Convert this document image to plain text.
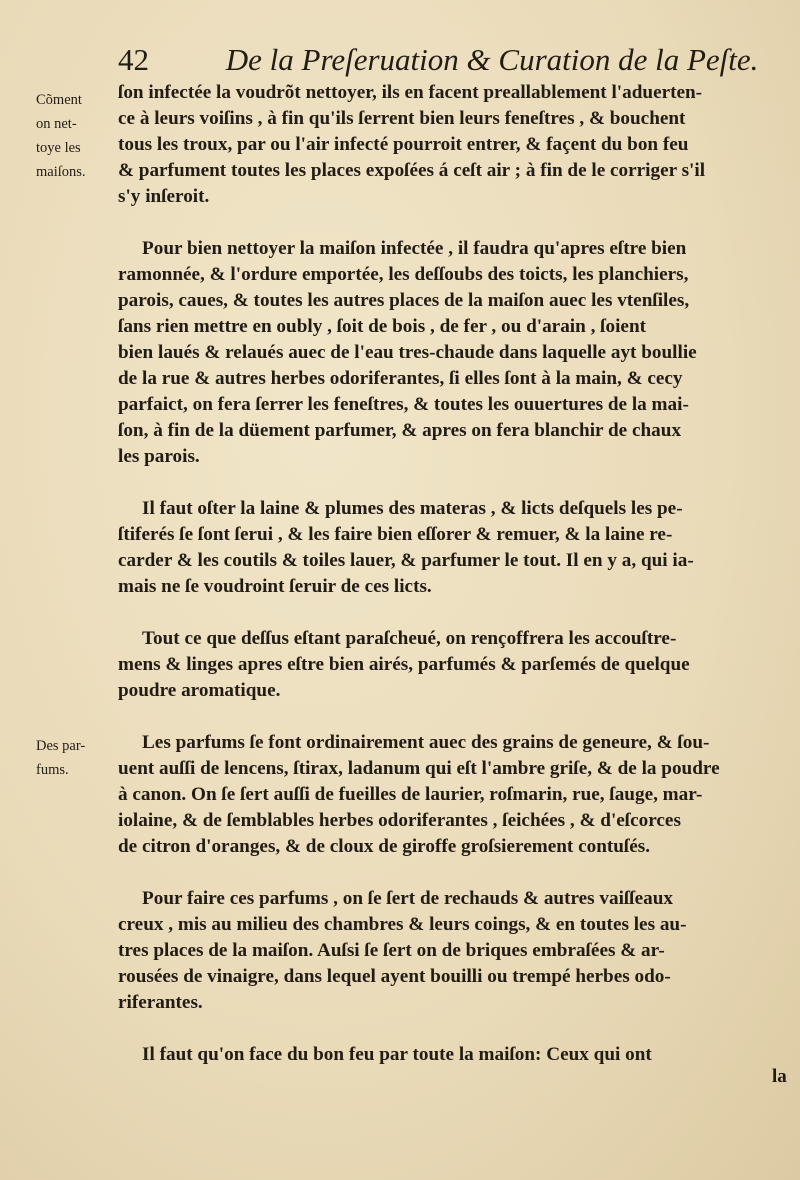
42 De la Preſeruation & Curation de la Peſte.
Cõment
on net-
toye les
maiſons.
Des par-
fums.
ſon infectée la voudrõt nettoyer, ils en facent preallablement l'aduerten-
ce à leurs voiſins , à fin qu'ils ſerrent bien leurs feneſtres , & bouchent
tous les troux, par ou l'air infecté pourroit entrer, & façent du bon feu
& parfument toutes les places expoſées á ceſt air ; à fin de le corriger s'il
s'y inſeroit.
Pour bien nettoyer la maiſon infectée , il faudra qu'apres eſtre bien
ramonnée, & l'ordure emportée, les deſſoubs des toicts, les planchiers,
parois, caues, & toutes les autres places de la maiſon auec les vtenſiles,
ſans rien mettre en oubly , ſoit de bois , de fer , ou d'arain , ſoient
bien laués & relaués auec de l'eau tres-chaude dans laquelle ayt boullie
de la rue & autres herbes odoriferantes, ſi elles ſont à la main, & cecy
parfaict, on fera ſerrer les feneſtres, & toutes les ouuertures de la mai-
ſon, à fin de la düement parfumer, & apres on fera blanchir de chaux
les parois.
Il faut oſter la laine & plumes des materas , & licts deſquels les pe-
ſtiferés ſe ſont ſerui , & les faire bien eſſorer & remuer, & la laine re-
carder & les coutils & toiles lauer, & parfumer le tout. Il en y a, qui ia-
mais ne ſe voudroint ſeruir de ces licts.
Tout ce que deſſus eſtant paraſcheué, on rençoffrera les accouſtre-
mens & linges apres eſtre bien airés, parfumés & parſemés de quelque
poudre aromatique.
Les parfums ſe font ordinairement auec des grains de geneure, & ſou-
uent auſſi de lencens, ſtirax, ladanum qui eſt l'ambre griſe, & de la poudre
à canon. On ſe ſert auſſi de fueilles de laurier, roſmarin, rue, ſauge, mar-
iolaine, & de ſemblables herbes odoriferantes , ſeichées , & d'eſcorces
de citron d'oranges, & de cloux de giroffe groſsierement contuſés.
Pour faire ces parfums , on ſe ſert de rechauds & autres vaiſſeaux
creux , mis au milieu des chambres & leurs coings, & en toutes les au-
tres places de la maiſon. Auſsi ſe ſert on de briques embraſées & ar-
rousées de vinaigre, dans lequel ayent bouilli ou trempé herbes odo-
riferantes.
Il faut qu'on face du bon feu par toute la maiſon: Ceux qui ont
la
